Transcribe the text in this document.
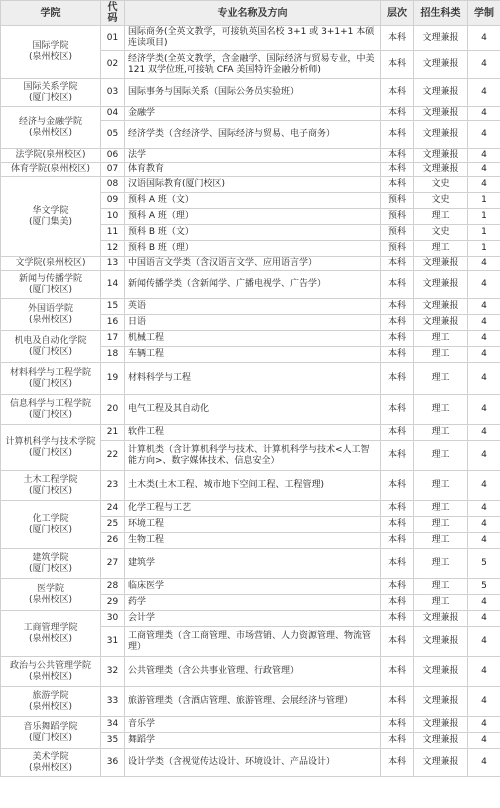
学院	代码	专业名称及方向	层次	招生科类	学制

国际学院
(泉州校区)	01	国际商务(全英文教学，可接轨英国名校 3+1 或 3+1+1 本硕连读项目)	本科	文理兼报	4
	02	经济学类(全英文教学，含金融学、国际经济与贸易专业，中美 121 双学位班,可接轨 CFA 美国特许金融分析师)	本科	文理兼报	4

国际关系学院
(厦门校区)	03	国际事务与国际关系（国际公务员实验班）	本科	文理兼报	4

经济与金融学院
(泉州校区)	04	金融学	本科	文理兼报	4
	05	经济学类（含经济学、国际经济与贸易、电子商务）	本科	文理兼报	4

法学院(泉州校区)	06	法学	本科	文理兼报	4

体育学院(泉州校区)	07	体育教育	本科	文理兼报	4

华文学院
(厦门集美)	08	汉语国际教育(厦门校区)	本科	文史	4
	09	预科 A 班（文）	预科	文史	1
	10	预科 A 班（理）	预科	理工	1
	11	预科 B 班（文）	预科	文史	1
	12	预科 B 班（理）	预科	理工	1

文学院(泉州校区)	13	中国语言文学类（含汉语言文学、应用语言学）	本科	文理兼报	4

新闻与传播学院
(厦门校区)	14	新闻传播学类（含新闻学、广播电视学、广告学）	本科	文理兼报	4

外国语学院
(泉州校区)	15	英语	本科	文理兼报	4
	16	日语	本科	文理兼报	4

机电及自动化学院
(厦门校区)	17	机械工程	本科	理工	4
	18	车辆工程	本科	理工	4

材料科学与工程学院
(厦门校区)	19	材料科学与工程	本科	理工	4

信息科学与工程学院
(厦门校区)	20	电气工程及其自动化	本科	理工	4

计算机科学与技术学院
(厦门校区)	21	软件工程	本科	理工	4
	22	计算机类（含计算机科学与技术、计算机科学与技术<人工智能方向>、数字媒体技术、信息安全）	本科	理工	4

土木工程学院
(厦门校区)	23	土木类(土木工程、城市地下空间工程、工程管理)	本科	理工	4

化工学院
(厦门校区)	24	化学工程与工艺	本科	理工	4
	25	环境工程	本科	理工	4
	26	生物工程	本科	理工	4

建筑学院
(厦门校区)	27	建筑学	本科	理工	5

医学院
(泉州校区)	28	临床医学	本科	理工	5
	29	药学	本科	理工	4

工商管理学院
(泉州校区)	30	会计学	本科	文理兼报	4
	31	工商管理类（含工商管理、市场营销、人力资源管理、物流管理）	本科	文理兼报	4

政治与公共管理学院
(泉州校区)	32	公共管理类（含公共事业管理、行政管理）	本科	文理兼报	4

旅游学院
(泉州校区)	33	旅游管理类（含酒店管理、旅游管理、会展经济与管理）	本科	文理兼报	4

音乐舞蹈学院
(厦门校区)	34	音乐学	本科	文理兼报	4
	35	舞蹈学	本科	文理兼报	4

美术学院
(泉州校区)	36	设计学类（含视觉传达设计、环境设计、产品设计）	本科	文理兼报	4
